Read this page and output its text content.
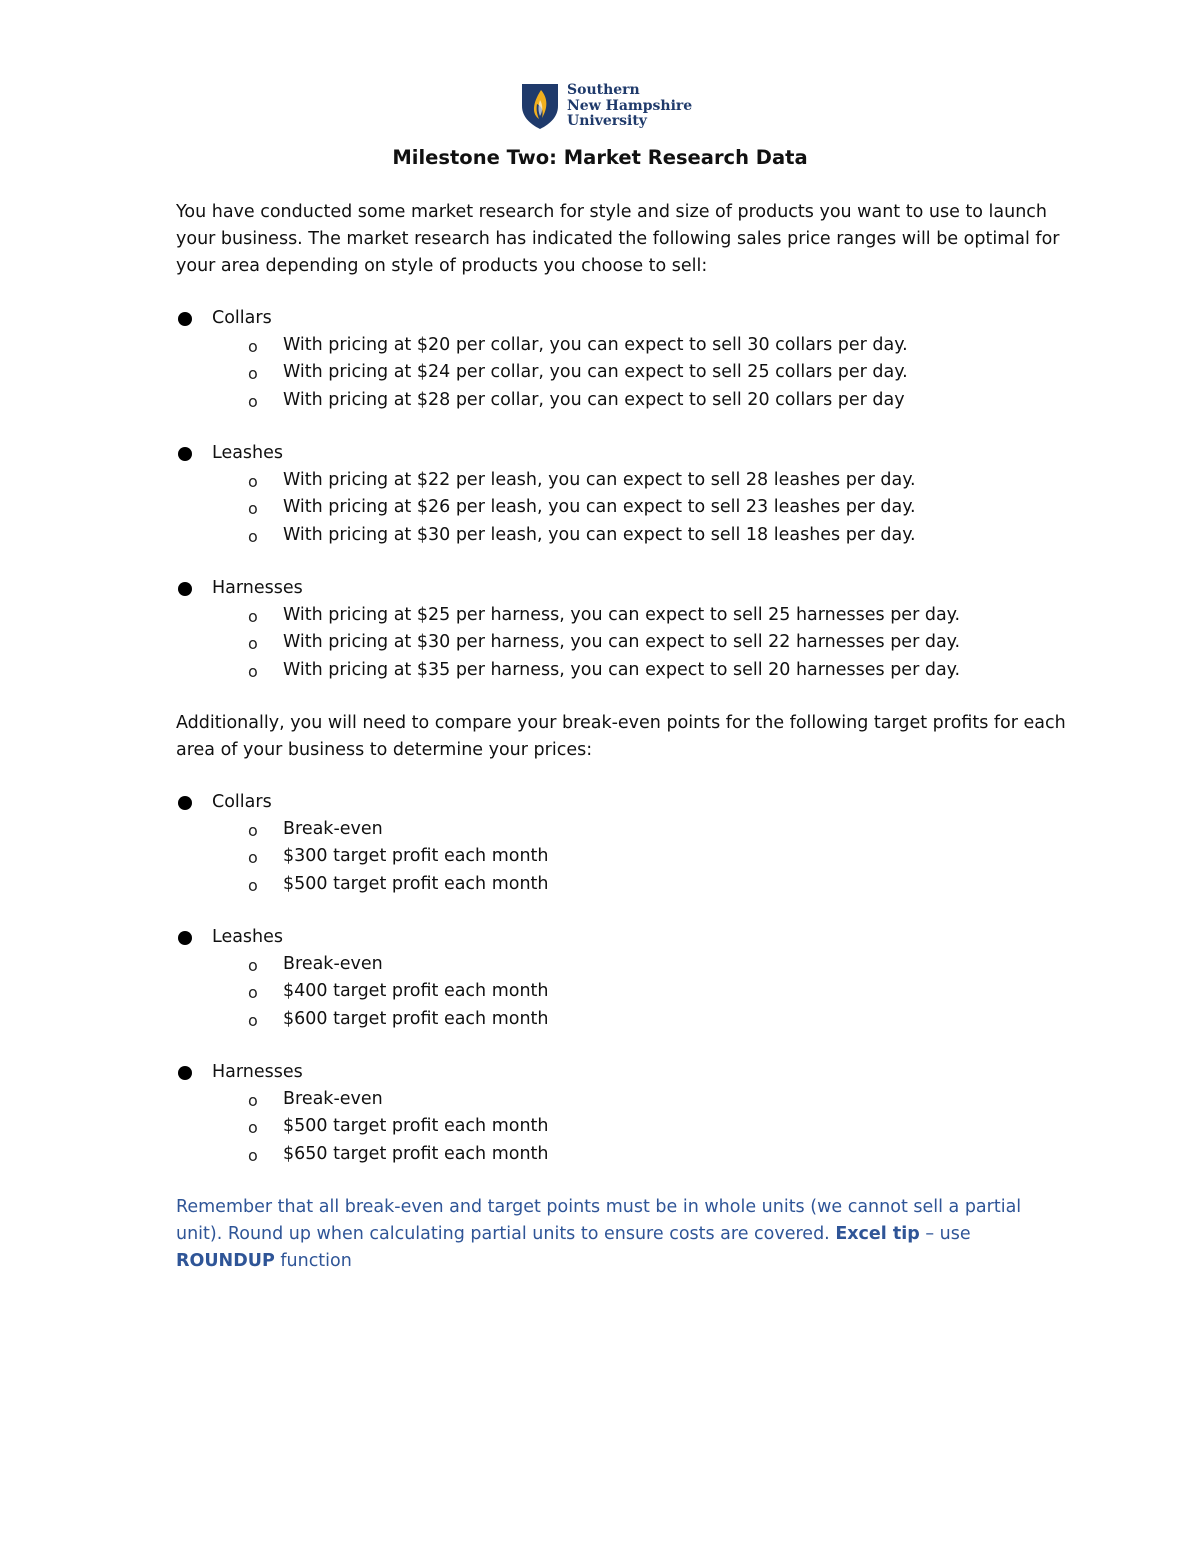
Southern
New Hampshire
University
Milestone Two: Market Research Data
You have conducted some market research for style and size of products you want to use to launch your business. The market research has indicated the following sales price ranges will be optimal for your area depending on style of products you choose to sell:
Collars
o With pricing at $20 per collar, you can expect to sell 30 collars per day.
o With pricing at $24 per collar, you can expect to sell 25 collars per day.
o With pricing at $28 per collar, you can expect to sell 20 collars per day
Leashes
o With pricing at $22 per leash, you can expect to sell 28 leashes per day.
o With pricing at $26 per leash, you can expect to sell 23 leashes per day.
o With pricing at $30 per leash, you can expect to sell 18 leashes per day.
Harnesses
o With pricing at $25 per harness, you can expect to sell 25 harnesses per day.
o With pricing at $30 per harness, you can expect to sell 22 harnesses per day.
o With pricing at $35 per harness, you can expect to sell 20 harnesses per day.
Additionally, you will need to compare your break-even points for the following target profits for each area of your business to determine your prices:
Collars
o Break-even
o $300 target profit each month
o $500 target profit each month
Leashes
o Break-even
o $400 target profit each month
o $600 target profit each month
Harnesses
o Break-even
o $500 target profit each month
o $650 target profit each month
Remember that all break-even and target points must be in whole units (we cannot sell a partial unit). Round up when calculating partial units to ensure costs are covered. Excel tip – use ROUNDUP function
